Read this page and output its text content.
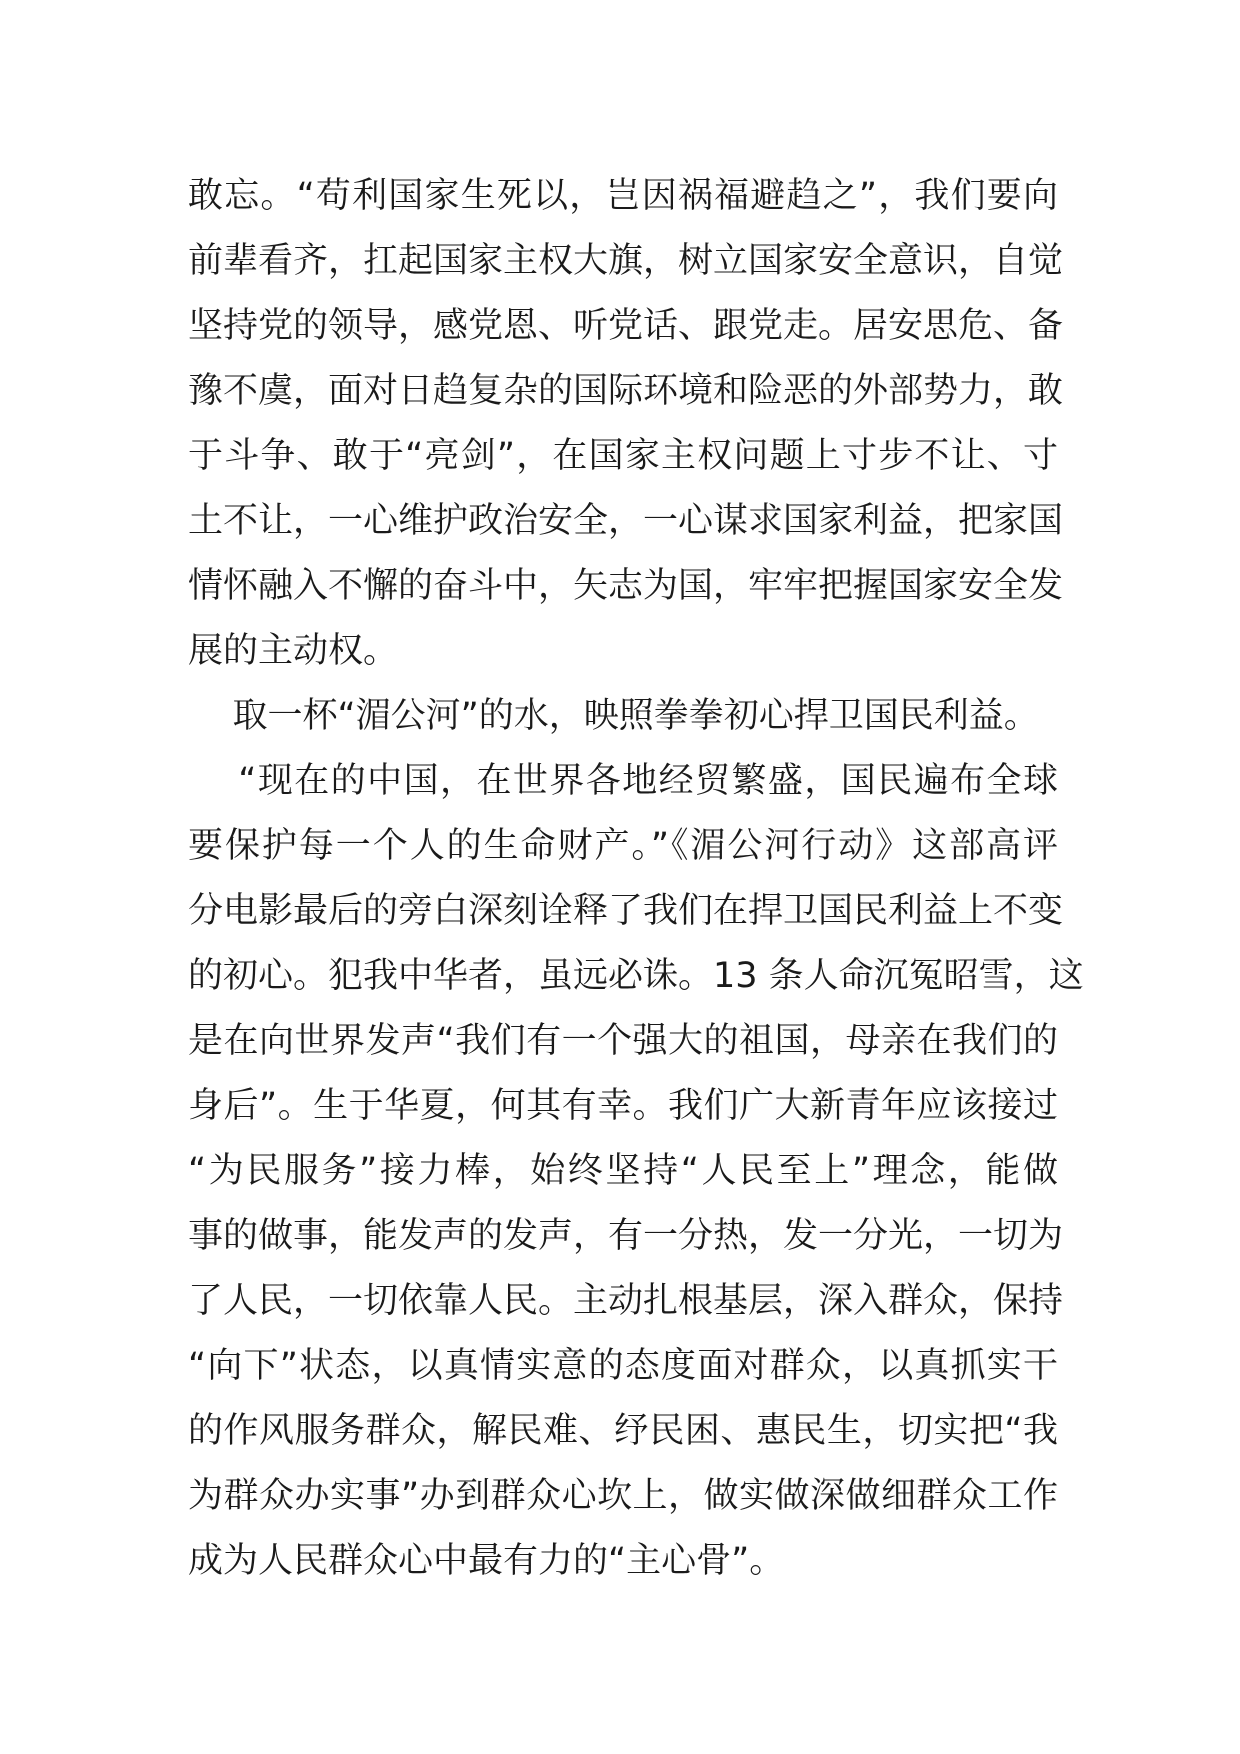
敢忘。“苟利国家生死以，岂因祸福避趋之”，我们要向
前辈看齐，扛起国家主权大旗，树立国家安全意识，自觉
坚持党的领导，感党恩、听党话、跟党走。居安思危、备
豫不虞，面对日趋复杂的国际环境和险恶的外部势力，敢
于斗争、敢于“亮剑”，在国家主权问题上寸步不让、寸
土不让，一心维护政治安全，一心谋求国家利益，把家国
情怀融入不懈的奋斗中，矢志为国，牢牢把握国家安全发
展的主动权。
取一杯“湄公河”的水，映照拳拳初心捍卫国民利益。
“现在的中国，在世界各地经贸繁盛，国民遍布全球
要保护每一个人的生命财产。”《湄公河行动》这部高评
分电影最后的旁白深刻诠释了我们在捍卫国民利益上不变
的初心。犯我中华者，虽远必诛。13 条人命沉冤昭雪，这
是在向世界发声“我们有一个强大的祖国，母亲在我们的
身后”。生于华夏，何其有幸。我们广大新青年应该接过
“为民服务”接力棒，始终坚持“人民至上”理念，能做
事的做事，能发声的发声，有一分热，发一分光，一切为
了人民，一切依靠人民。主动扎根基层，深入群众，保持
“向下”状态，以真情实意的态度面对群众，以真抓实干
的作风服务群众，解民难、纾民困、惠民生，切实把“我
为群众办实事”办到群众心坎上，做实做深做细群众工作
成为人民群众心中最有力的“主心骨”。
